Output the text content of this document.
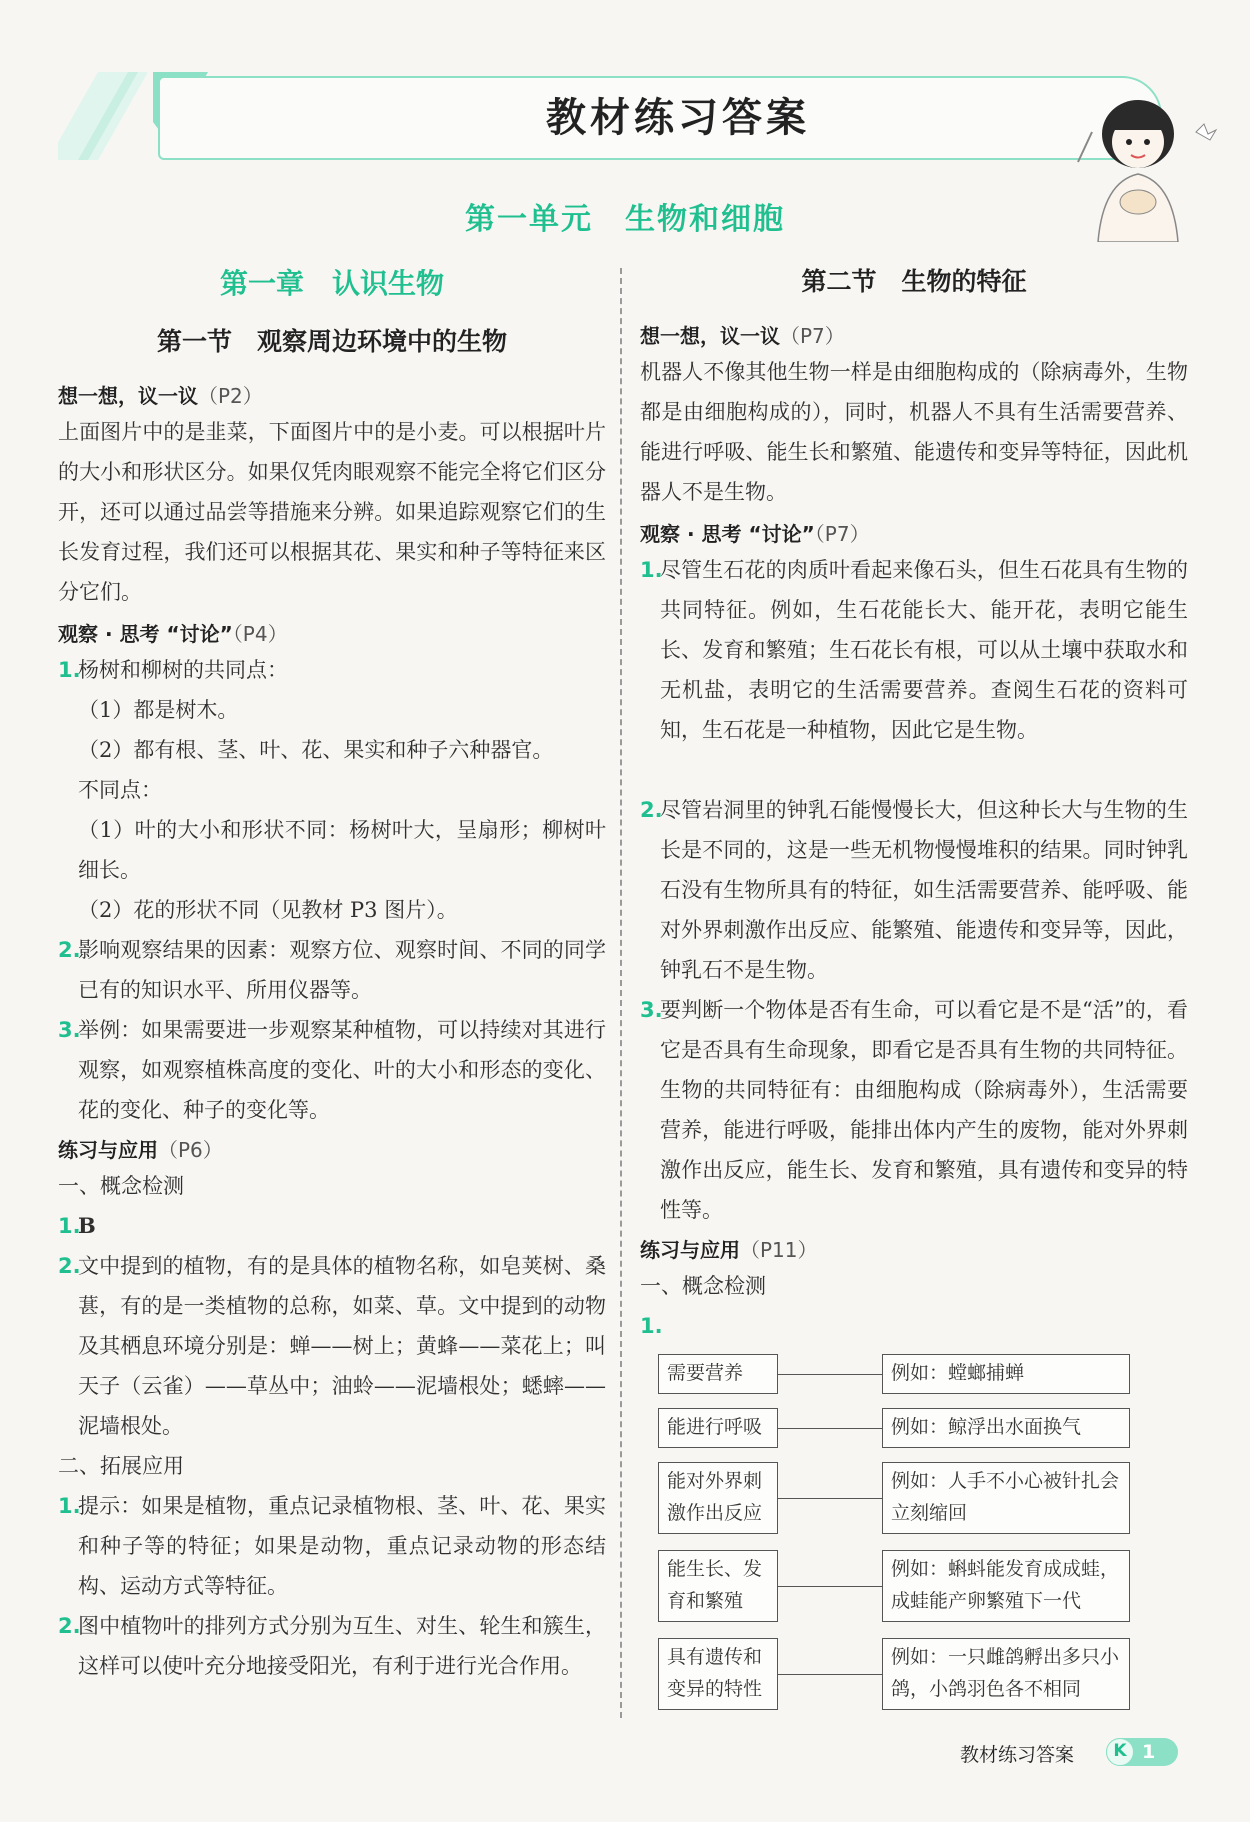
教材练习答案
第一单元　生物和细胞
第一章　认识生物
第一节　观察周边环境中的生物
想一想，议一议（P2）
上面图片中的是韭菜，下面图片中的是小麦。可以根据叶片的大小和形状区分。如果仅凭肉眼观察不能完全将它们区分开，还可以通过品尝等措施来分辨。如果追踪观察它们的生长发育过程，我们还可以根据其花、果实和种子等特征来区分它们。
观察 · 思考 “讨论”（P4）
1.
杨树和柳树的共同点：
（1）都是树木。
（2）都有根、茎、叶、花、果实和种子六种器官。
不同点：
（1）叶的大小和形状不同：杨树叶大，呈扇形；柳树叶细长。
（2）花的形状不同（见教材 P3 图片）。
2.
影响观察结果的因素：观察方位、观察时间、不同的同学已有的知识水平、所用仪器等。
3.
举例：如果需要进一步观察某种植物，可以持续对其进行观察，如观察植株高度的变化、叶的大小和形态的变化、花的变化、种子的变化等。
练习与应用（P6）
一、概念检测
1.
B
2.
文中提到的植物，有的是具体的植物名称，如皂荚树、桑葚，有的是一类植物的总称，如菜、草。文中提到的动物及其栖息环境分别是：蝉——树上；黄蜂——菜花上；叫天子（云雀）——草丛中；油蛉——泥墙根处；蟋蟀——泥墙根处。
二、拓展应用
1.
提示：如果是植物，重点记录植物根、茎、叶、花、果实和种子等的特征；如果是动物，重点记录动物的形态结构、运动方式等特征。
2.
图中植物叶的排列方式分别为互生、对生、轮生和簇生，这样可以使叶充分地接受阳光，有利于进行光合作用。
第二节　生物的特征
想一想，议一议（P7）
机器人不像其他生物一样是由细胞构成的（除病毒外，生物都是由细胞构成的），同时，机器人不具有生活需要营养、能进行呼吸、能生长和繁殖、能遗传和变异等特征，因此机器人不是生物。
观察 · 思考 “讨论”（P7）
1.
尽管生石花的肉质叶看起来像石头，但生石花具有生物的共同特征。例如，生石花能长大、能开花，表明它能生长、发育和繁殖；生石花长有根，可以从土壤中获取水和无机盐，表明它的生活需要营养。查阅生石花的资料可知，生石花是一种植物，因此它是生物。
2.
尽管岩洞里的钟乳石能慢慢长大，但这种长大与生物的生长是不同的，这是一些无机物慢慢堆积的结果。同时钟乳石没有生物所具有的特征，如生活需要营养、能呼吸、能对外界刺激作出反应、能繁殖、能遗传和变异等，因此，钟乳石不是生物。
3.
要判断一个物体是否有生命，可以看它是不是“活”的，看它是否具有生命现象，即看它是否具有生物的共同特征。生物的共同特征有：由细胞构成（除病毒外），生活需要营养，能进行呼吸，能排出体内产生的废物，能对外界刺激作出反应，能生长、发育和繁殖，具有遗传和变异的特性等。
练习与应用（P11）
一、概念检测
1.
需要营养
能进行呼吸
能对外界刺激作出反应
能生长、发育和繁殖
具有遗传和变异的特性
例如：螳螂捕蝉
例如：鲸浮出水面换气
例如：人手不小心被针扎会立刻缩回
例如：蝌蚪能发育成成蛙，成蛙能产卵繁殖下一代
例如：一只雌鸽孵出多只小鸽，小鸽羽色各不相同
教材练习答案	K 1
